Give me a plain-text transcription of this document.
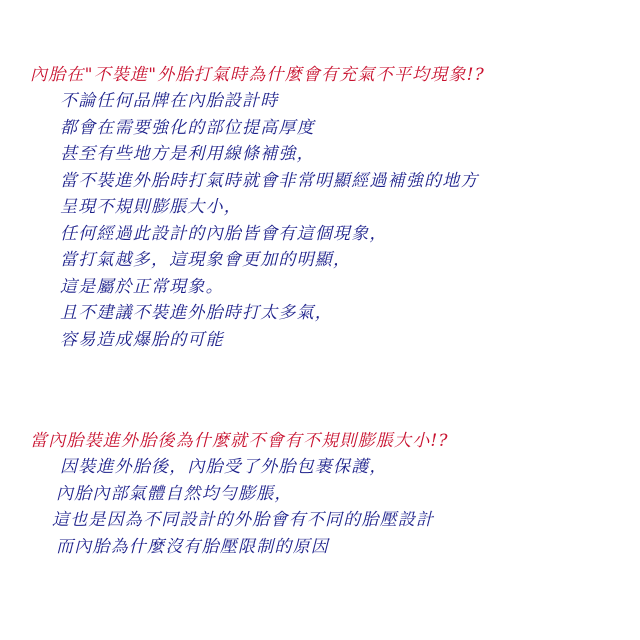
內胎在"不裝進"外胎打氣時為什麼會有充氣不平均現象!?

不論任何品牌在內胎設計時
都會在需要強化的部位提高厚度
甚至有些地方是利用線條補強，
當不裝進外胎時打氣時就會非常明顯經過補強的地方
呈現不規則膨脹大小，
任何經過此設計的內胎皆會有這個現象，
當打氣越多，這現象會更加的明顯，
這是屬於正常現象。
且不建議不裝進外胎時打太多氣，
容易造成爆胎的可能

當內胎裝進外胎後為什麼就不會有不規則膨脹大小!?

因裝進外胎後，內胎受了外胎包裹保護，
內胎內部氣體自然均勻膨脹，
這也是因為不同設計的外胎會有不同的胎壓設計
而內胎為什麼沒有胎壓限制的原因
